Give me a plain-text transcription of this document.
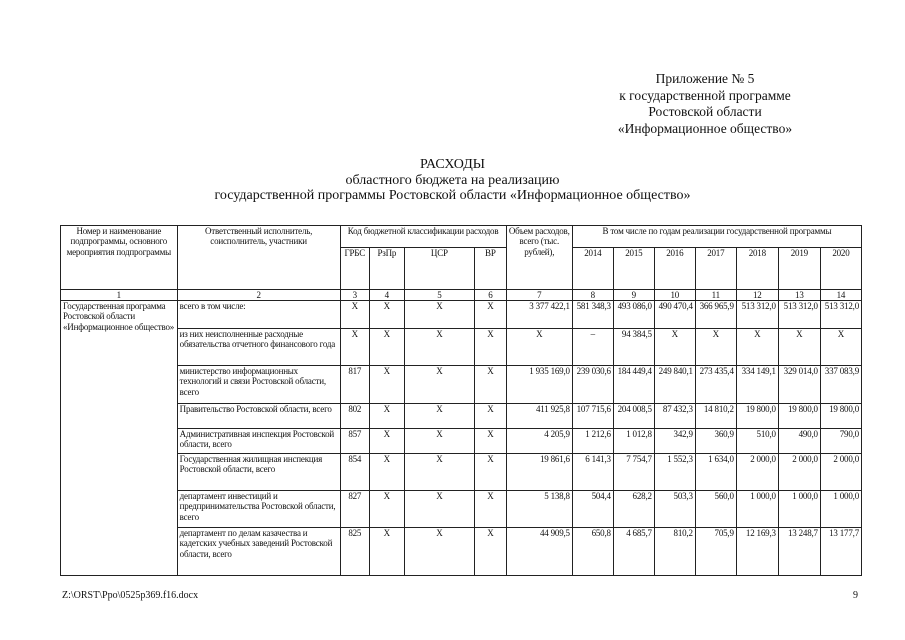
Приложение № 5
к государственной программе
Ростовской области
«Информационное общество»
РАСХОДЫ
областного бюджета на реализацию
государственной программы Ростовской области «Информационное общество»
Номер и наименование подпрограммы, основного мероприятия подпрограммы	Ответственный исполнитель, соисполнитель, участники	Код бюджетной классификации расходов				Объем расходов, всего (тыс. рублей),	В том числе по годам реализации государственной программы						
		ГРБС	РзПр	ЦСР	ВР		2014	2015	2016	2017	2018	2019	2020
1	2	3	4	5	6	7	8	9	10	11	12	13	14
Государственная программа Ростовской области «Информационное общество»	всего в том числе:	Х	Х	Х	Х	3 377 422,1	581 348,3	493 086,0	490 470,4	366 965,9	513 312,0	513 312,0	513 312,0
	из них неисполненные расходные обязательства отчетного финансового года	Х	Х	Х	Х	Х	–	94 384,5	Х	Х	Х	Х	Х
	министерство информационных технологий и связи Ростовской области, всего	817	Х	Х	Х	1 935 169,0	239 030,6	184 449,4	249 840,1	273 435,4	334 149,1	329 014,0	337 083,9
	Правительство Ростовской области, всего	802	Х	Х	Х	411 925,8	107 715,6	204 008,5	87 432,3	14 810,2	19 800,0	19 800,0	19 800,0
	Административная инспекция Ростовской области, всего	857	Х	Х	Х	4 205,9	1 212,6	1 012,8	342,9	360,9	510,0	490,0	790,0
	Государственная жилищная инспекция Ростовской области, всего	854	Х	Х	Х	19 861,6	6 141,3	7 754,7	1 552,3	1 634,0	2 000,0	2 000,0	2 000,0
	департамент инвестиций и предпринимательства Ростовской области, всего	827	Х	Х	Х	5 138,8	504,4	628,2	503,3	560,0	1 000,0	1 000,0	1 000,0
	департамент по делам казачества и кадетских учебных заведений Ростовской области, всего	825	Х	Х	Х	44 909,5	650,8	4 685,7	810,2	705,9	12 169,3	13 248,7	13 177,7
Z:\ORST\Ppo\0525p369.f16.docx	9
